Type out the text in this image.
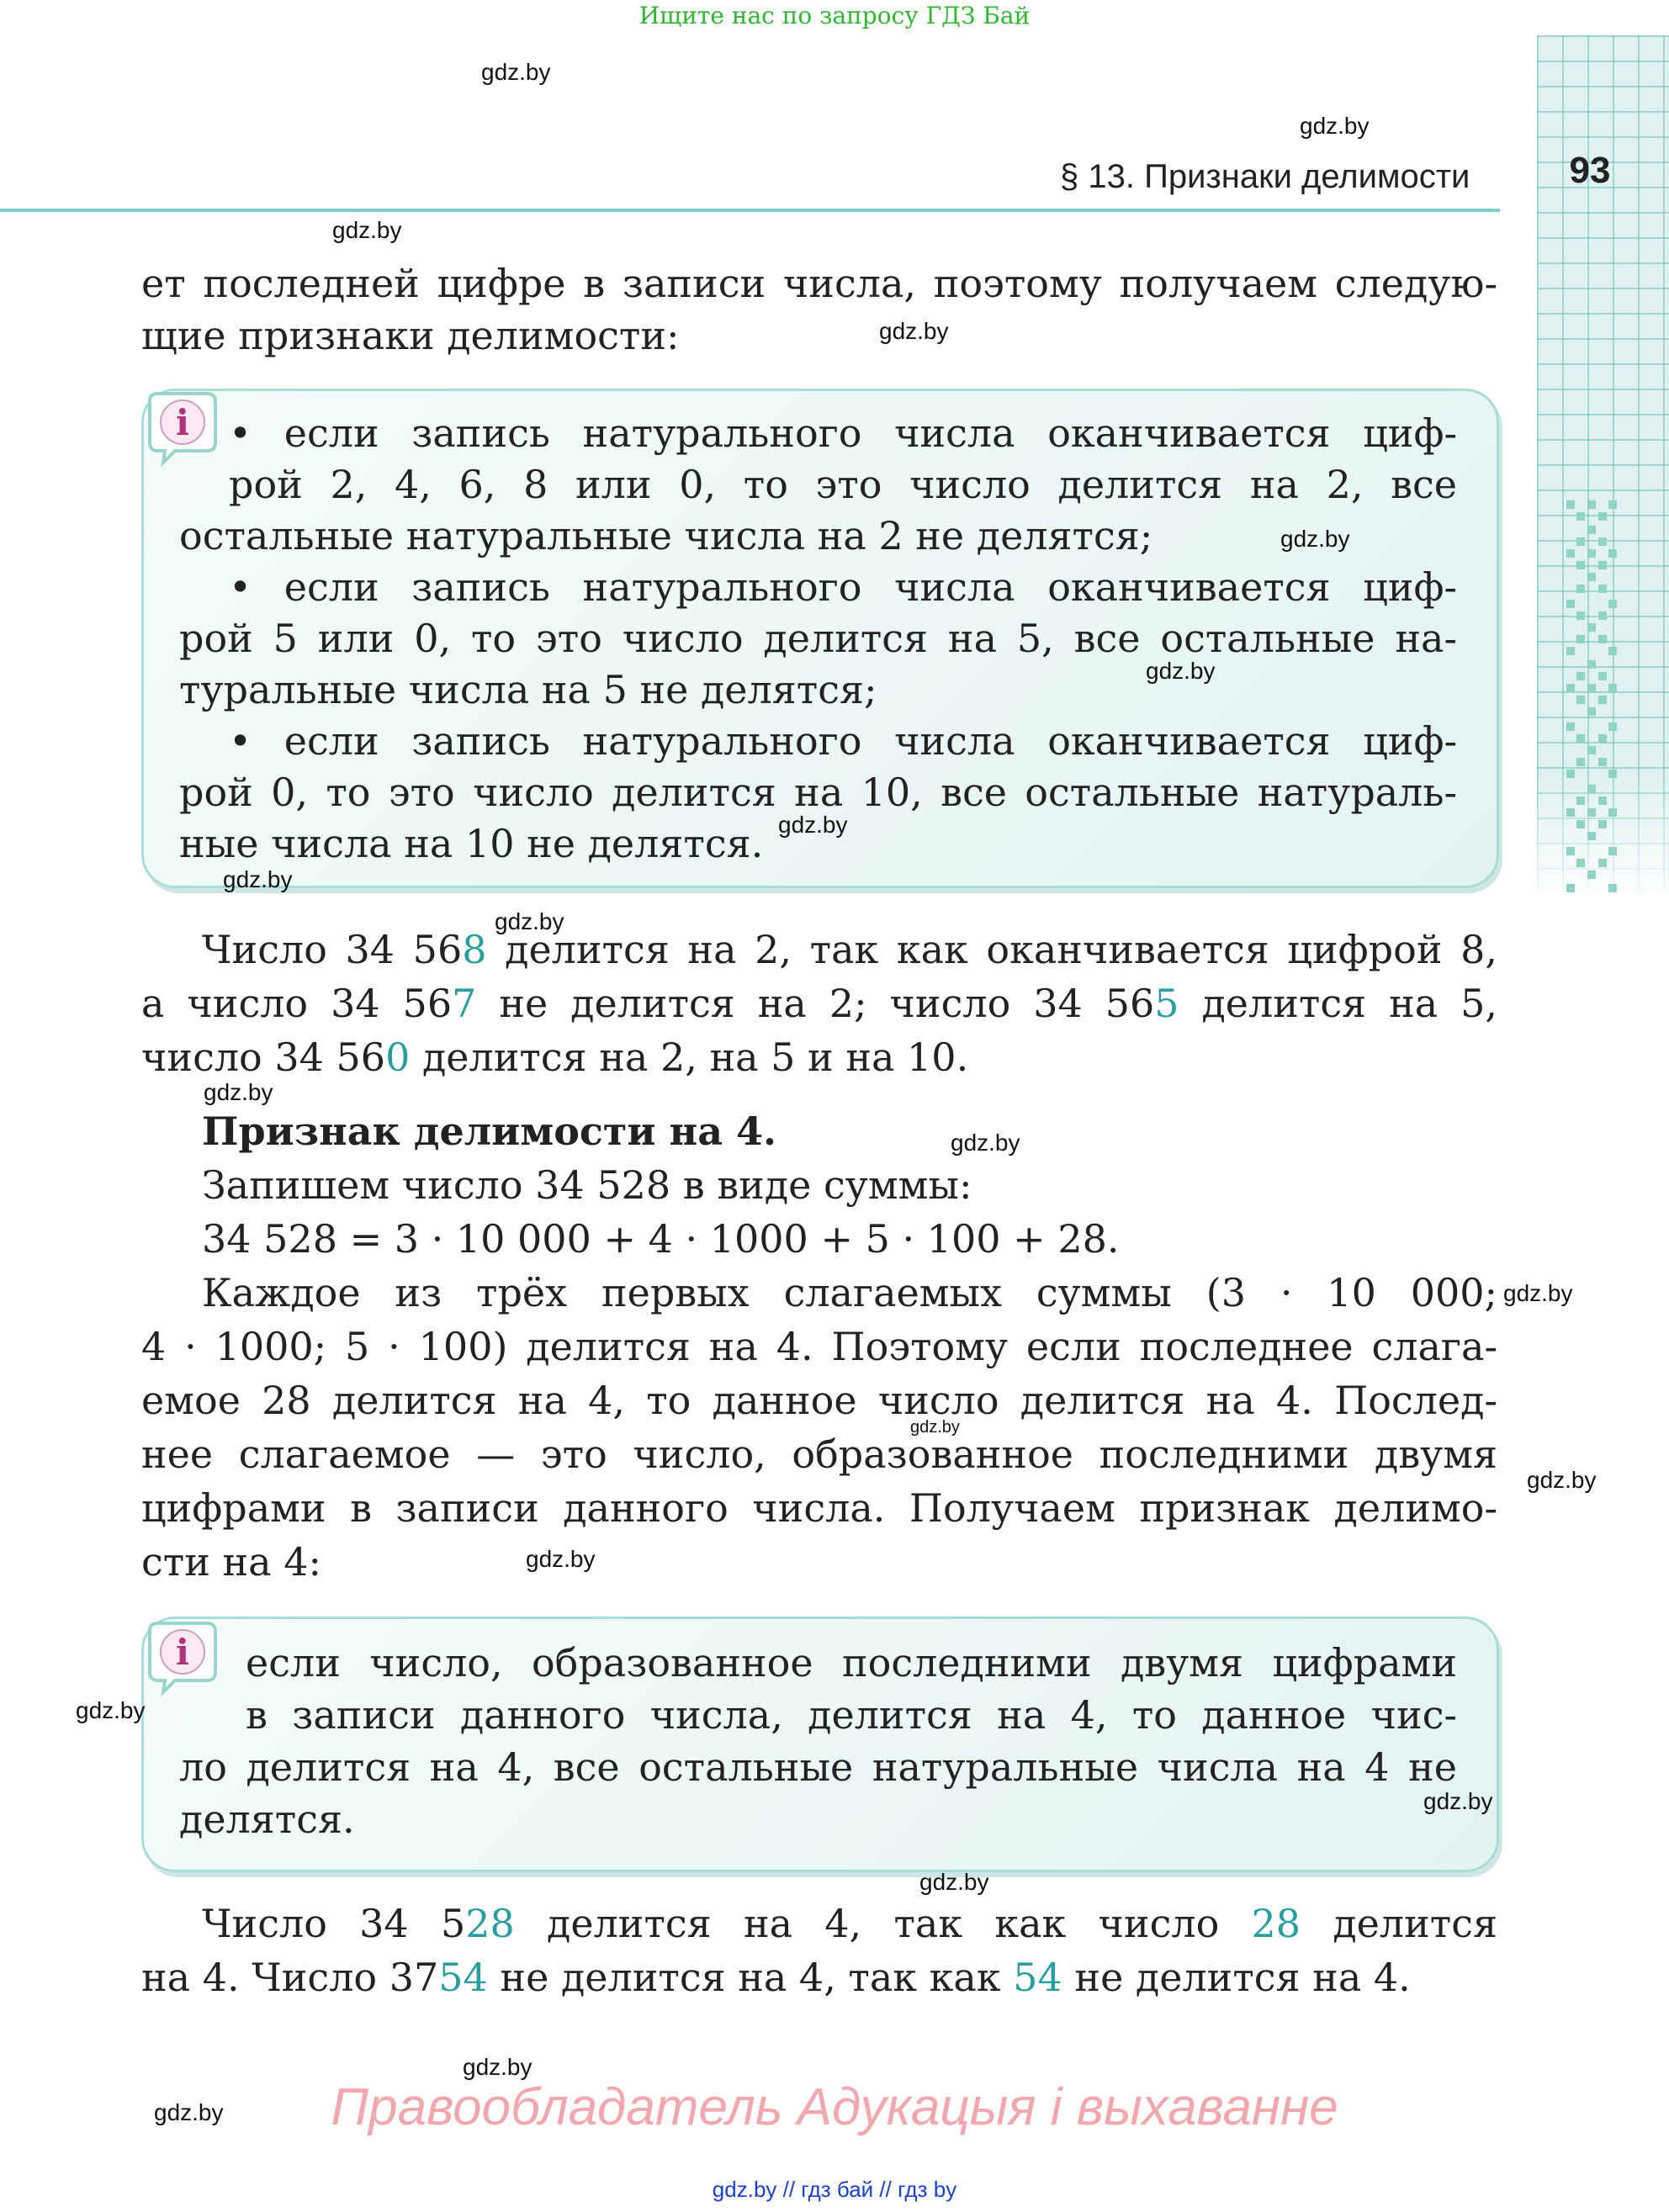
Ищите нас по запросу ГДЗ Бай
93
§ 13. Признаки делимости
ет последней цифре в записи числа, поэтому получаем следую-
щие признаки делимости:
i • если запись натурального числа оканчивается циф-
рой 2, 4, 6, 8 или 0, то это число делится на 2, все
остальные натуральные числа на 2 не делятся;
• если запись натурального числа оканчивается циф-
рой 5 или 0, то это число делится на 5, все остальные на-
туральные числа на 5 не делятся;
• если запись натурального числа оканчивается циф-
рой 0, то это число делится на 10, все остальные натураль-
ные числа на 10 не делятся.
Число 34 568 делится на 2, так как оканчивается цифрой 8,
а число 34 567 не делится на 2; число 34 565 делится на 5,
число 34 560 делится на 2, на 5 и на 10.
Признак делимости на 4.
Запишем число 34 528 в виде суммы:
34 528 = 3 · 10 000 + 4 · 1000 + 5 · 100 + 28.
Каждое из трёх первых слагаемых суммы (3 · 10 000;
4 · 1000; 5 · 100) делится на 4. Поэтому если последнее слага-
емое 28 делится на 4, то данное число делится на 4. Послед-
нее слагаемое — это число, образованное последними двумя
цифрами в записи данного числа. Получаем признак делимо-
сти на 4:
i если число, образованное последними двумя цифрами
в записи данного числа, делится на 4, то данное чис-
ло делится на 4, все остальные натуральные числа на 4 не
делятся.
Число 34 528 делится на 4, так как число 28 делится
на 4. Число 3754 не делится на 4, так как 54 не делится на 4.
gdz.by
gdz.by
gdz.by
gdz.by
gdz.by
gdz.by
gdz.by
gdz.by
gdz.by
gdz.by
gdz.by
gdz.by
gdz.by
gdz.by
gdz.by
gdz.by
gdz.by
gdz.by
gdz.by
gdz.by	Правообладатель Адукацыя і выхаванне
gdz.by // гдз бай // гдз by
